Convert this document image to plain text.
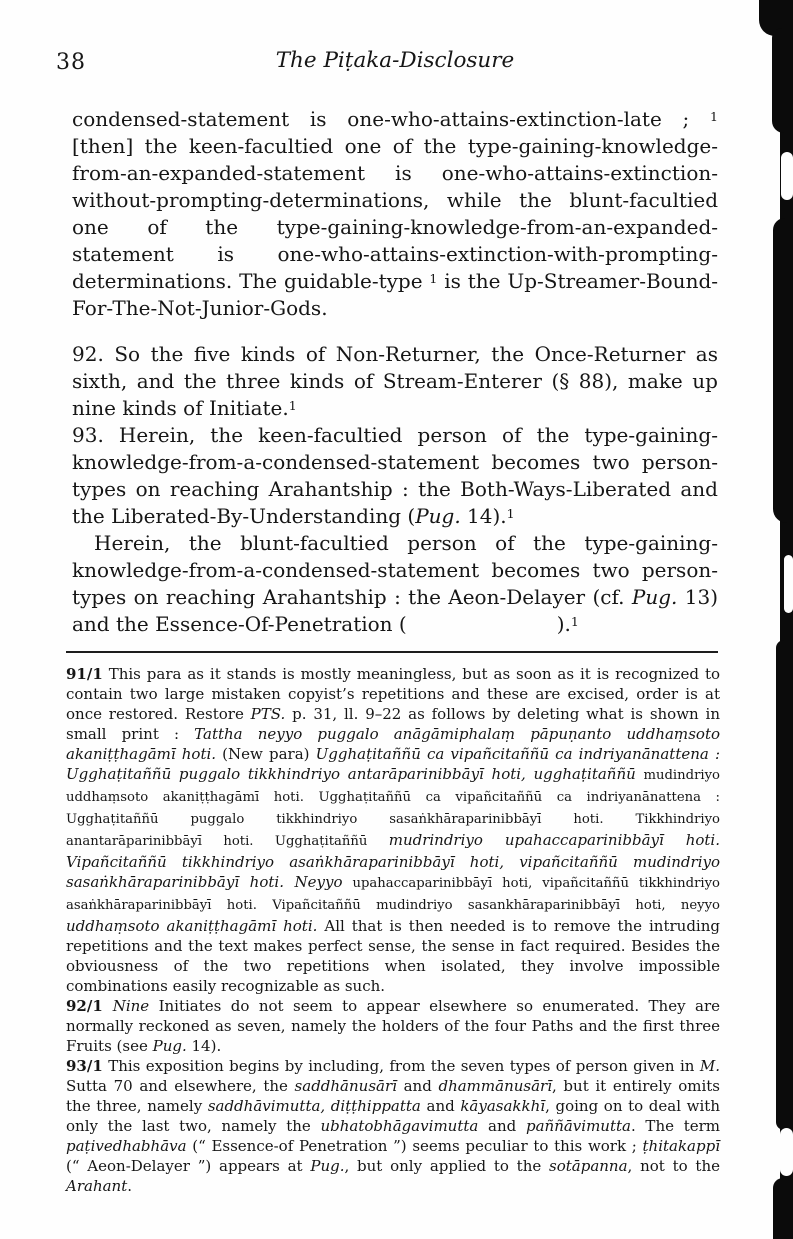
38	The Piṭaka-Disclosure

condensed-statement is one-who-attains-extinction-late ; $^1$ [then] the keen-facultied one of the type-gaining-knowledge-from-an-expanded-statement is one-who-attains-extinction-without-prompting-determinations, while the blunt-facultied one of the type-gaining-knowledge-from-an-expanded-statement is one-who-attains-extinction-with-prompting-determinations. The guidable-type $^1$ is the Up-Streamer-Bound-For-The-Not-Junior-Gods.

92. So the five kinds of Non-Returner, the Once-Returner as sixth, and the three kinds of Stream-Enterer (§ 88), make up nine kinds of Initiate.$^1$

93. Herein, the keen-facultied person of the type-gaining-knowledge-from-a-condensed-statement becomes two person-types on reaching Arahantship : the Both-Ways-Liberated and the Liberated-By-Understanding (Pug. 14).$^1$

Herein, the blunt-facultied person of the type-gaining-knowledge-from-a-condensed-statement becomes two person-types on reaching Arahantship : the Aeon-Delayer (cf. Pug. 13) and the Essence-Of-Penetration (	).$^1$

91/1 This para as it stands is mostly meaningless, but as soon as it is recognized to contain two large mistaken copyist’s repetitions and these are excised, order is at once restored. Restore PTS. p. 31, ll. 9–22 as follows by deleting what is shown in small print : Tattha neyyo puggalo anāgāmiphalaṃ pāpuṇanto uddhaṃsoto akaniṭṭhagāmī hoti. (New para) Ugghaṭitaññū ca vipañcitaññū ca indriyanānattena : Ugghaṭitaññū puggalo tikkhindriyo antarāparinibbāyī hoti, ugghaṭitaññū mudindriyo uddhaṃsoto akaniṭṭhagāmī hoti. Ugghaṭitaññū ca vipañcitaññū ca indriyanānattena : Ugghaṭitaññū puggalo tikkhindriyo sasaṅkhāraparinibbāyī hoti. Tikkhindriyo anantarāparinibbāyī hoti. Ugghaṭitaññū mudrindriyo upahaccaparinibbāyī hoti. Vipañcitaññū tikkhindriyo asaṅkhāraparinibbāyī hoti, vipañcitaññū mudindriyo sasaṅkhāraparinibbāyī hoti. Neyyo upahaccaparinibbāyī hoti, vipañcitaññū tikkhindriyo asaṅkhāraparinibbāyī hoti. Vipañcitaññū mudindriyo sasankhāraparinibbāyī hoti, neyyo uddhaṃsoto akaniṭṭhagāmī hoti. All that is then needed is to remove the intruding repetitions and the text makes perfect sense, the sense in fact required. Besides the obviousness of the two repetitions when isolated, they involve impossible combinations easily recognizable as such.

92/1 Nine Initiates do not seem to appear elsewhere so enumerated. They are normally reckoned as seven, namely the holders of the four Paths and the first three Fruits (see Pug. 14).

93/1 This exposition begins by including, from the seven types of person given in M. Sutta 70 and elsewhere, the saddhānusārī and dhammānusārī, but it entirely omits the three, namely saddhāvimutta, diṭṭhippatta and kāyasakkhī, going on to deal with only the last two, namely the ubhatobhāgavimutta and paññāvimutta. The term paṭivedhabhāva (“ Essence-of Penetration ”) seems peculiar to this work ; ṭhitakappī (“ Aeon-Delayer ”) appears at Pug., but only applied to the sotāpanna, not to the Arahant.
